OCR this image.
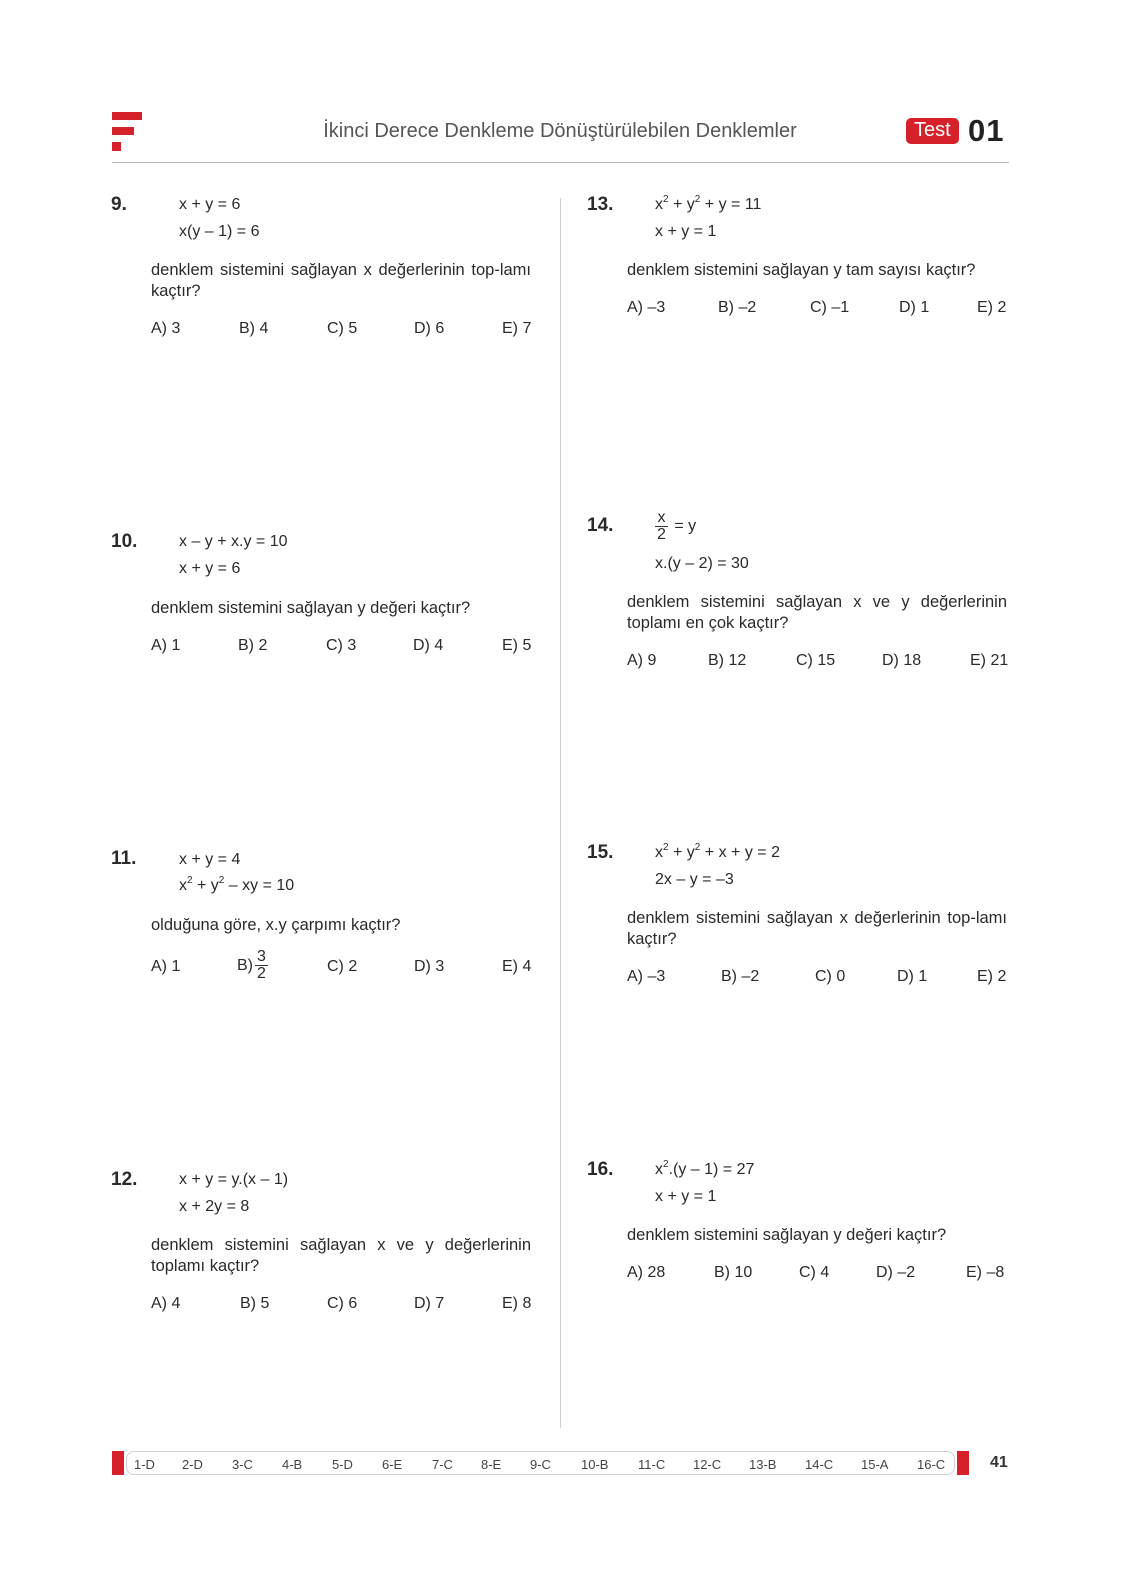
İkinci Derece Denkleme Dönüştürülebilen Denklemler	Test 01
9.	x + y = 6
x(y – 1) = 6
denklem sistemini sağlayan x değerlerinin top-lamı kaçtır?
A) 3	B) 4	C) 5	D) 6	E) 7
10.	x – y + x.y = 10
x + y = 6
denklem sistemini sağlayan y değeri kaçtır?
A) 1	B) 2	C) 3	D) 4	E) 5
11.	x + y = 4
$x^2 + y^2$ – xy = 10
olduğuna göre, x.y çarpımı kaçtır?
A) 1	$B) \frac{3}{2}$	C) 2	D) 3	E) 4
12.	x + y = y.(x – 1)
x + 2y = 8
denklem sistemini sağlayan x ve y değerlerinin toplamı kaçtır?
A) 4	B) 5	C) 6	D) 7	E) 8
13.	$x^2 + y^2 + y = 11$
x + y = 1
denklem sistemini sağlayan y tam sayısı kaçtır?
A) –3	B) –2	C) –1	D) 1	E) 2
14.	$\frac{x}{2} = y$
x.(y – 2) = 30
denklem sistemini sağlayan x ve y değerlerinin toplamı en çok kaçtır?
A) 9	B) 12	C) 15	D) 18	E) 21
15.	$x^2 + y^2 + x + y = 2$
2x – y = –3
denklem sistemini sağlayan x değerlerinin top-lamı kaçtır?
A) –3	B) –2	C) 0	D) 1	E) 2
16.	$x^2.(y - 1) = 27$
x + y = 1
denklem sistemini sağlayan y değeri kaçtır?
A) 28	B) 10	C) 4	D) –2	E) –8
1-D 2-D 3-C 4-B 5-D 6-E 7-C 8-E 9-C 10-B 11-C 12-C 13-B 14-C 15-A 16-C	41
